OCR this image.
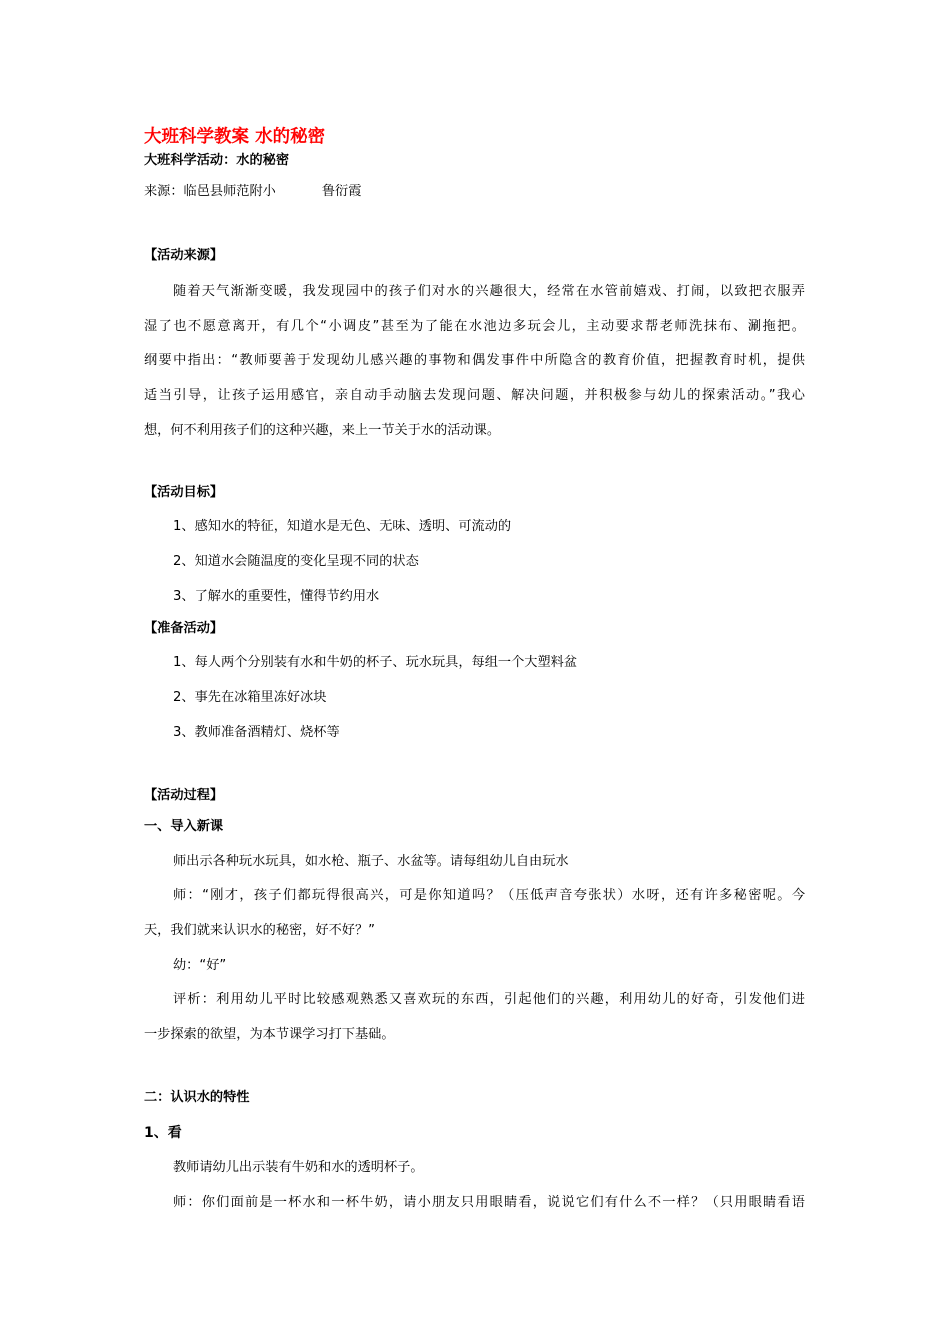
大班科学教案 水的秘密
大班科学活动：水的秘密
来源：临邑县师范附小	鲁衍霞
【活动来源】
随着天气渐渐变暖，我发现园中的孩子们对水的兴趣很大，经常在水管前嬉戏、打闹，以致把衣服弄
湿了也不愿意离开，有几个“小调皮”甚至为了能在水池边多玩会儿，主动要求帮老师洗抹布、涮拖把。
纲要中指出：“教师要善于发现幼儿感兴趣的事物和偶发事件中所隐含的教育价值，把握教育时机，提供
适当引导，让孩子运用感官，亲自动手动脑去发现问题、解决问题，并积极参与幼儿的探索活动。”我心
想，何不利用孩子们的这种兴趣，来上一节关于水的活动课。
【活动目标】
1、感知水的特征，知道水是无色、无味、透明、可流动的
2、知道水会随温度的变化呈现不同的状态
3、了解水的重要性，懂得节约用水
【准备活动】
1、每人两个分别装有水和牛奶的杯子、玩水玩具，每组一个大塑料盆
2、事先在冰箱里冻好冰块
3、教师准备酒精灯、烧杯等
【活动过程】
一、导入新课
师出示各种玩水玩具，如水枪、瓶子、水盆等。请每组幼儿自由玩水
师：“刚才，孩子们都玩得很高兴，可是你知道吗？（压低声音夸张状）水呀，还有许多秘密呢。今
天，我们就来认识水的秘密，好不好？”
幼：“好”
评析：利用幼儿平时比较感观熟悉又喜欢玩的东西，引起他们的兴趣，利用幼儿的好奇，引发他们进
一步探索的欲望，为本节课学习打下基础。
二：认识水的特性
1、看
教师请幼儿出示装有牛奶和水的透明杯子。
师：你们面前是一杯水和一杯牛奶，请小朋友只用眼睛看，说说它们有什么不一样？（只用眼睛看语
